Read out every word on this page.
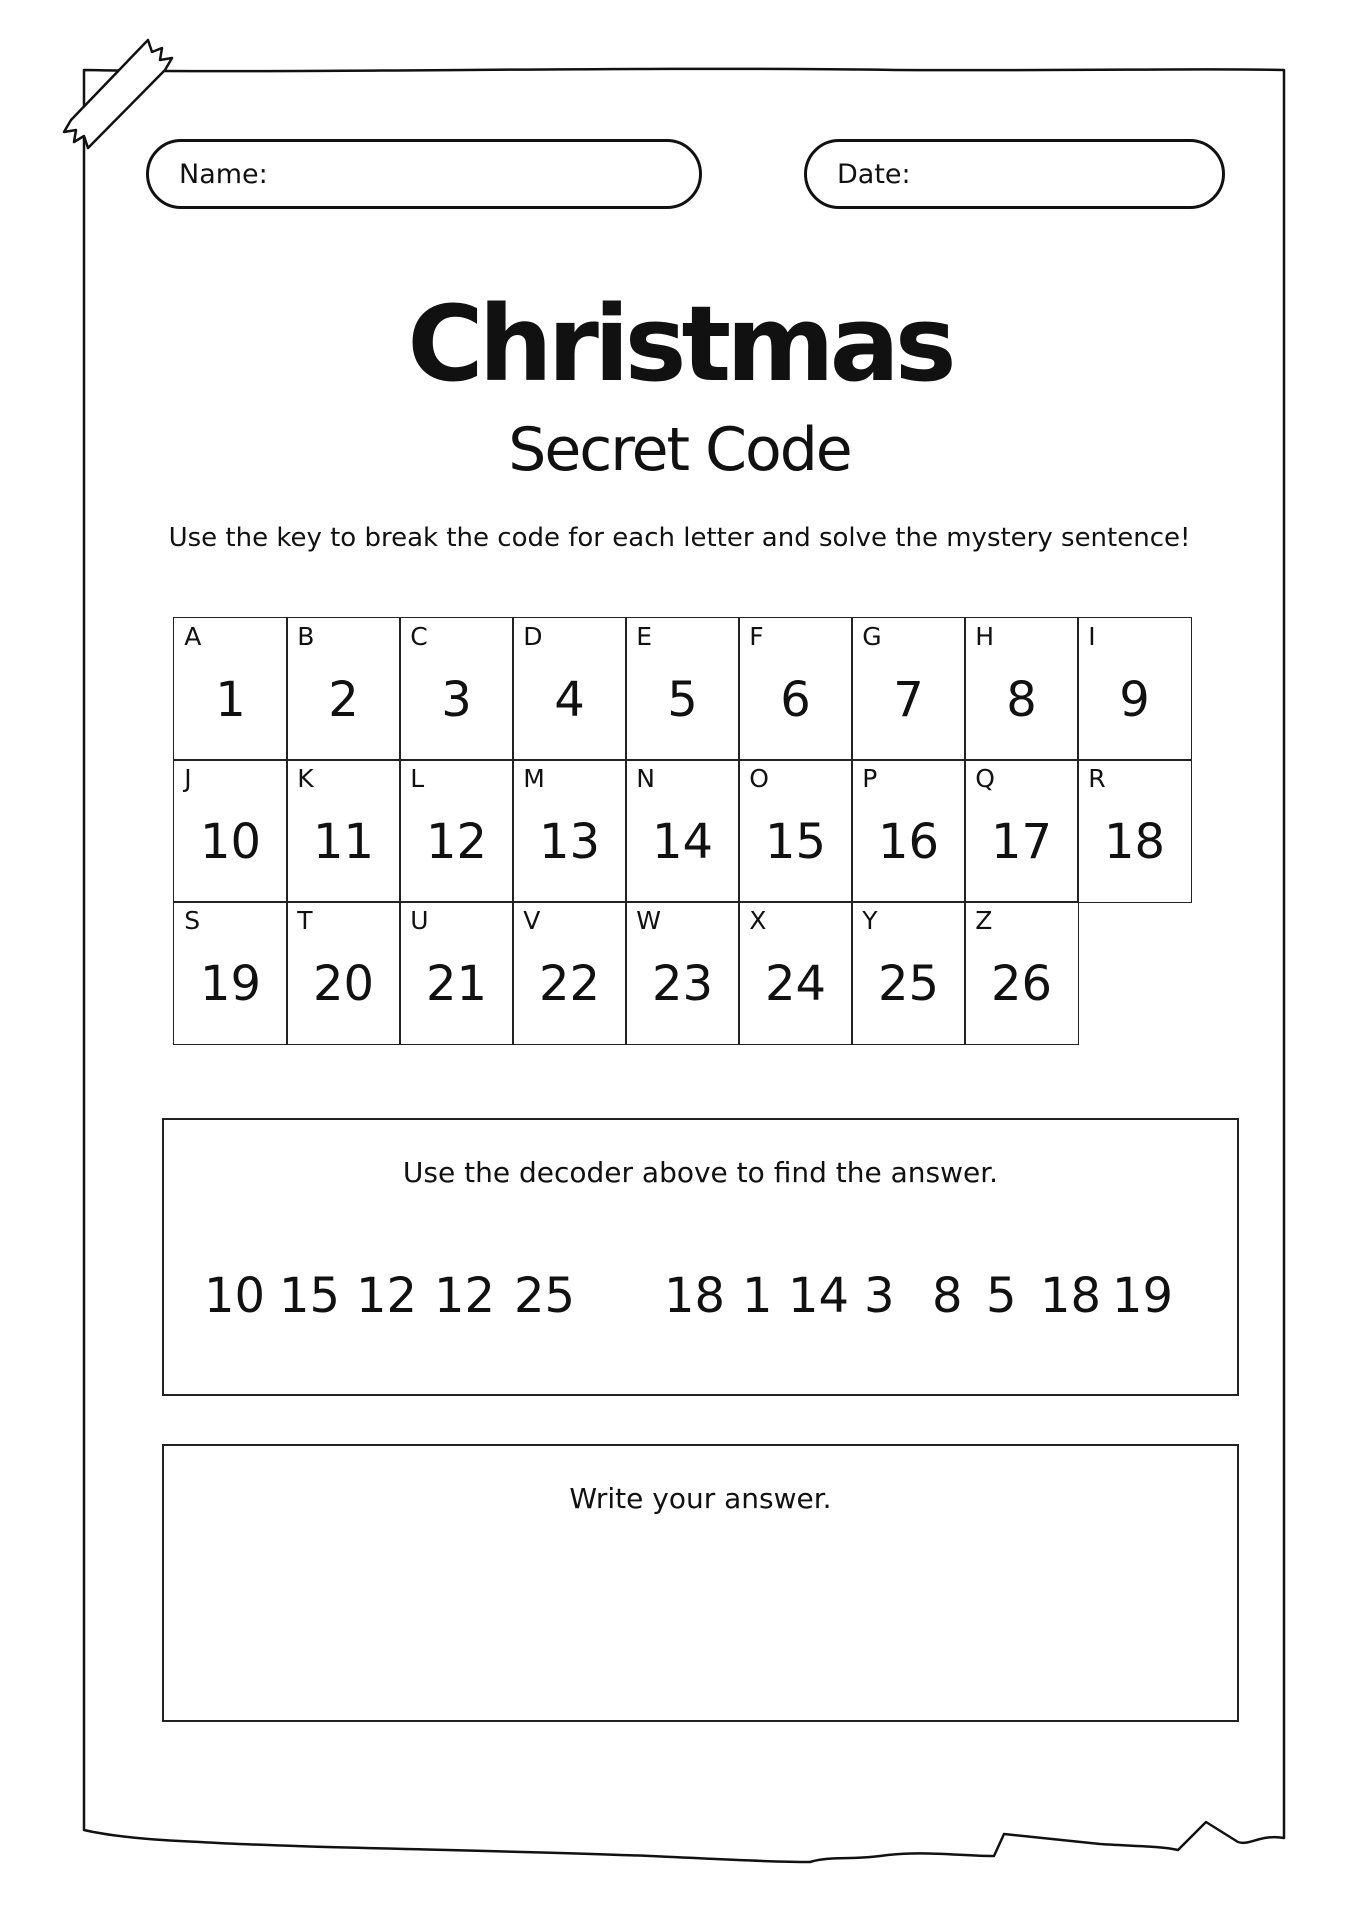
Name:	Date:
Christmas
Secret Code
Use the key to break the code for each letter and solve the mystery sentence!
A
1
B
2
C
3
D
4
E
5
F
6
G
7
H
8
I
9
J
10
K
11
L
12
M
13
N
14
O
15
P
16
Q
17
R
18
S
19
T
20
U
21
V
22
W
23
X
24
Y
25
Z
26
Use the decoder above to find the answer.
10 15 12 12 25 18 1 14 3 8 5 18 19
Write your answer.
